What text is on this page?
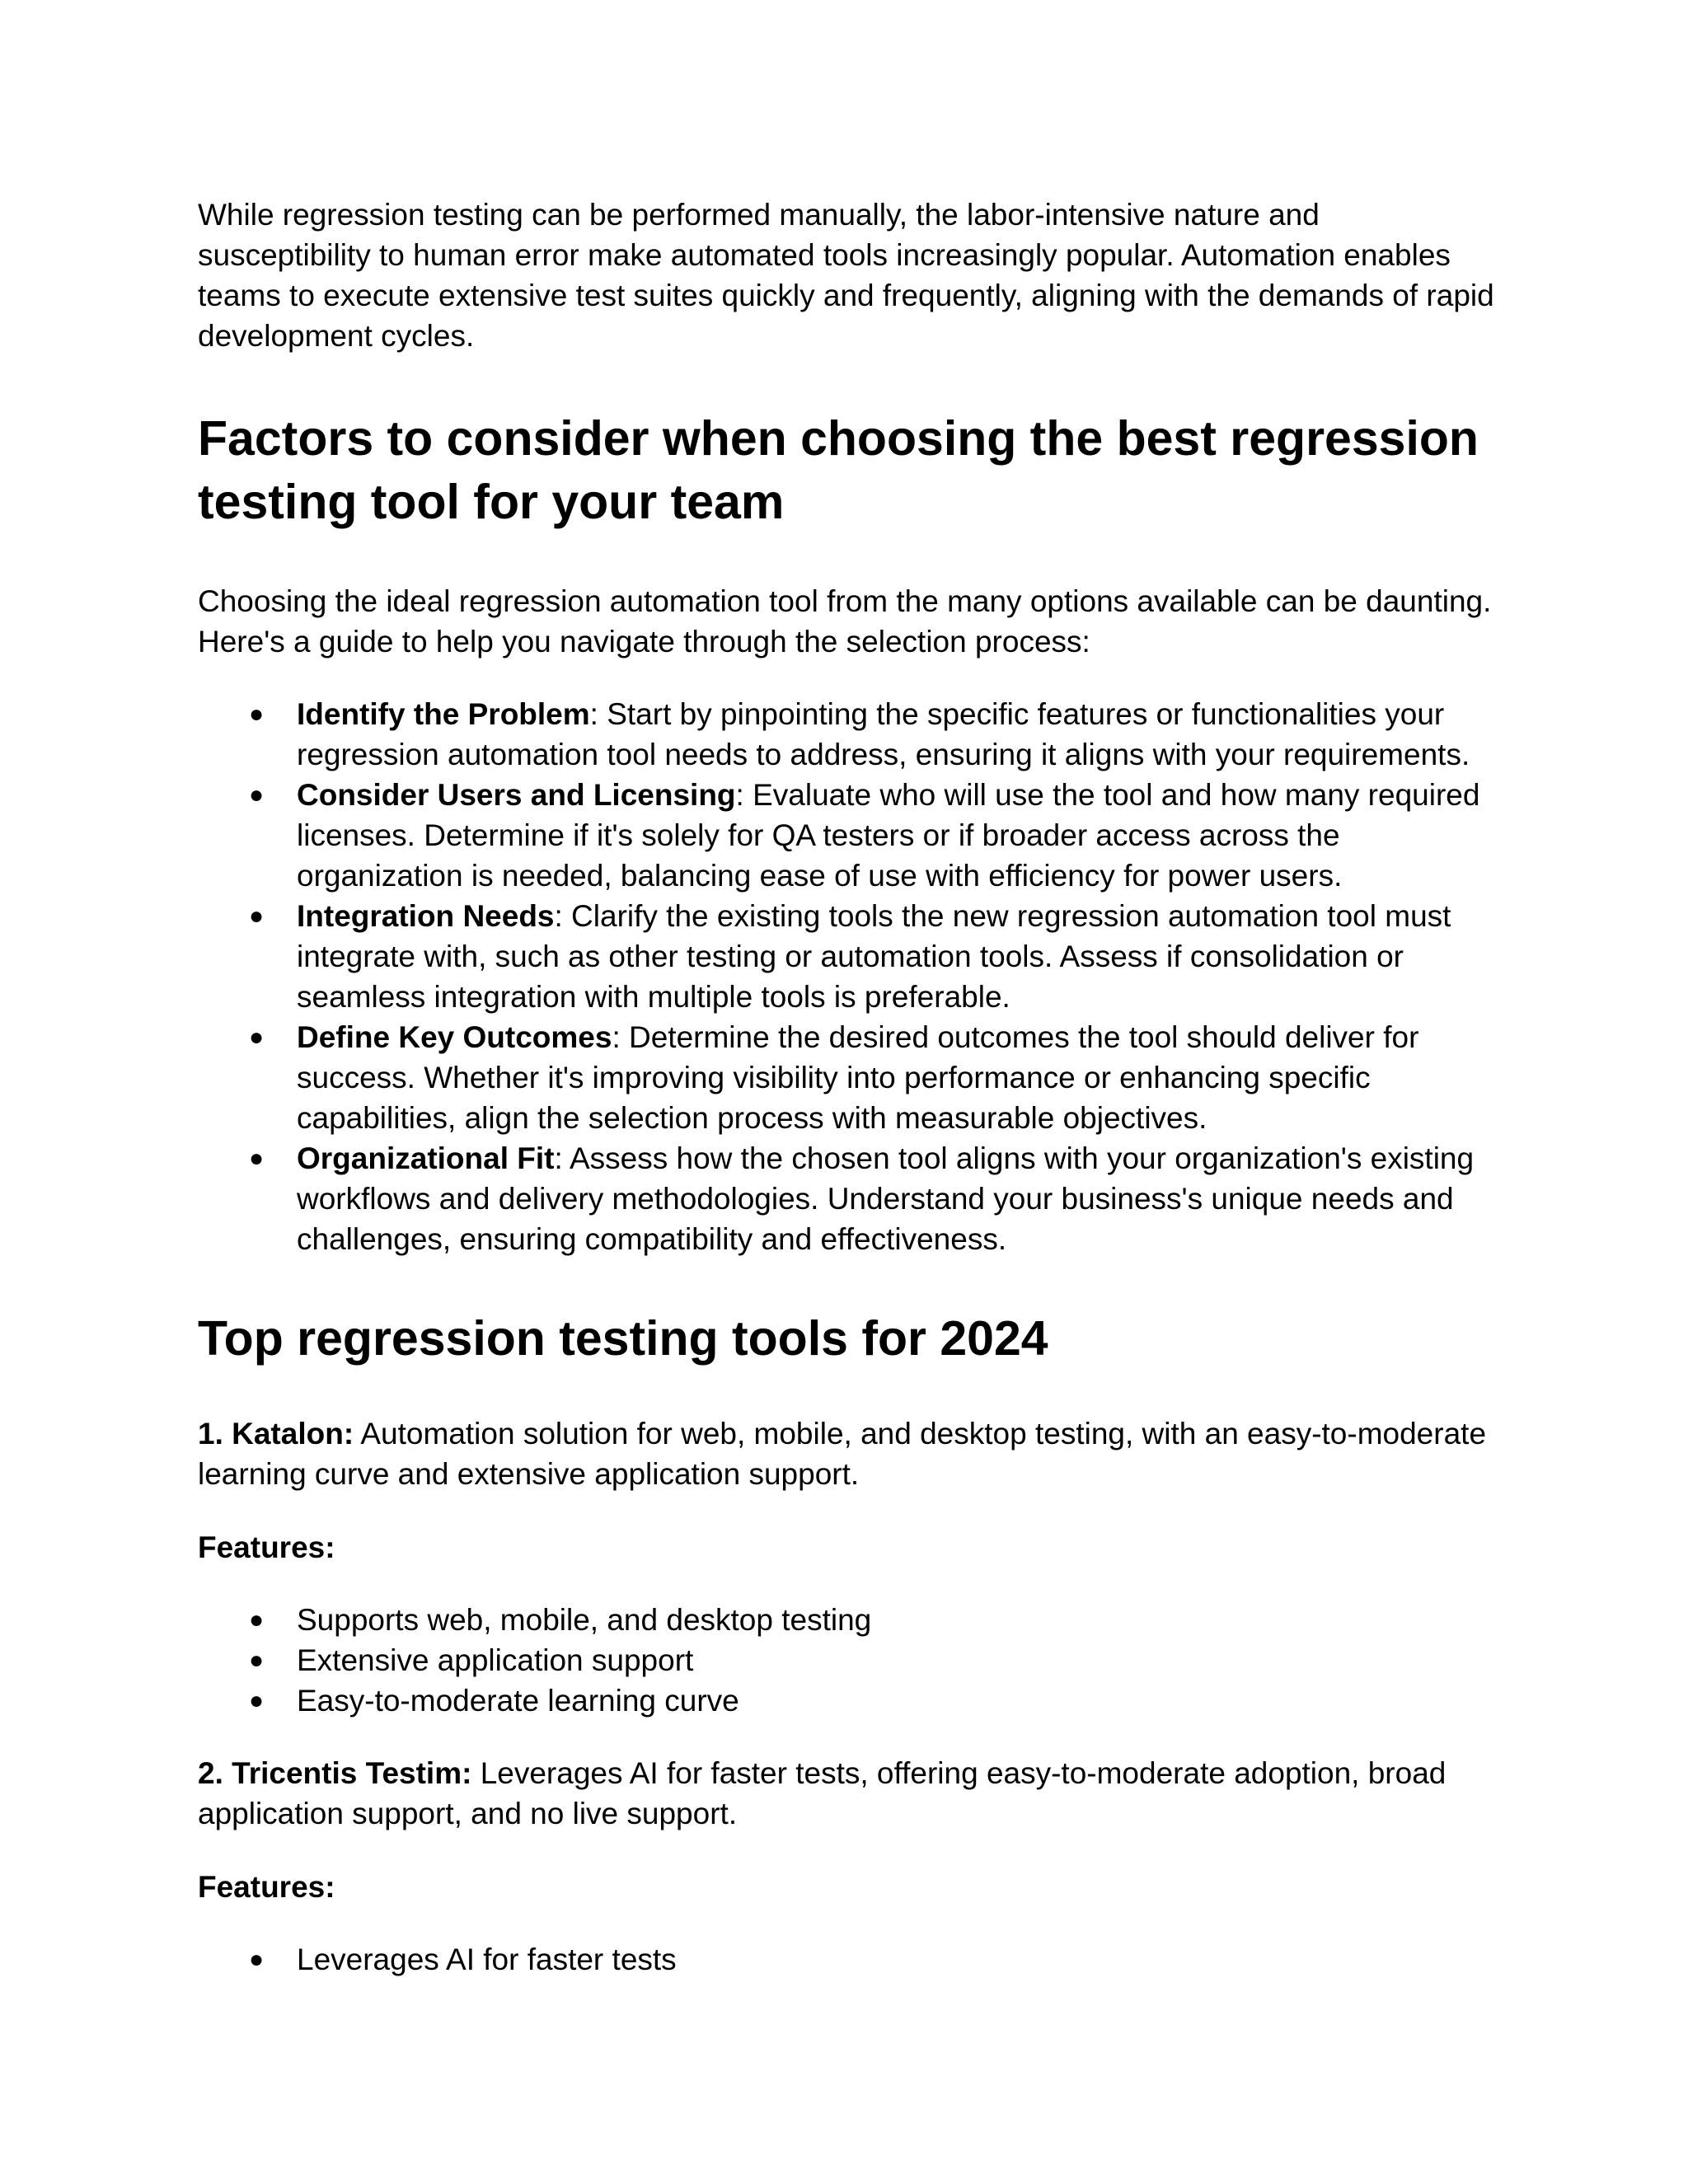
While regression testing can be performed manually, the labor-intensive nature and susceptibility to human error make automated tools increasingly popular. Automation enables teams to execute extensive test suites quickly and frequently, aligning with the demands of rapid development cycles.

Factors to consider when choosing the best regression testing tool for your team

Choosing the ideal regression automation tool from the many options available can be daunting. Here's a guide to help you navigate through the selection process:

● Identify the Problem: Start by pinpointing the specific features or functionalities your regression automation tool needs to address, ensuring it aligns with your requirements.
● Consider Users and Licensing: Evaluate who will use the tool and how many required licenses. Determine if it's solely for QA testers or if broader access across the organization is needed, balancing ease of use with efficiency for power users.
● Integration Needs: Clarify the existing tools the new regression automation tool must integrate with, such as other testing or automation tools. Assess if consolidation or seamless integration with multiple tools is preferable.
● Define Key Outcomes: Determine the desired outcomes the tool should deliver for success. Whether it's improving visibility into performance or enhancing specific capabilities, align the selection process with measurable objectives.
● Organizational Fit: Assess how the chosen tool aligns with your organization's existing workflows and delivery methodologies. Understand your business's unique needs and challenges, ensuring compatibility and effectiveness.
Top regression testing tools for 2024

1. Katalon: Automation solution for web, mobile, and desktop testing, with an easy-to-moderate learning curve and extensive application support.

Features:

● Supports web, mobile, and desktop testing
● Extensive application support
● Easy-to-moderate learning curve

2. Tricentis Testim: Leverages AI for faster tests, offering easy-to-moderate adoption, broad application support, and no live support.

Features:

● Leverages AI for faster tests
